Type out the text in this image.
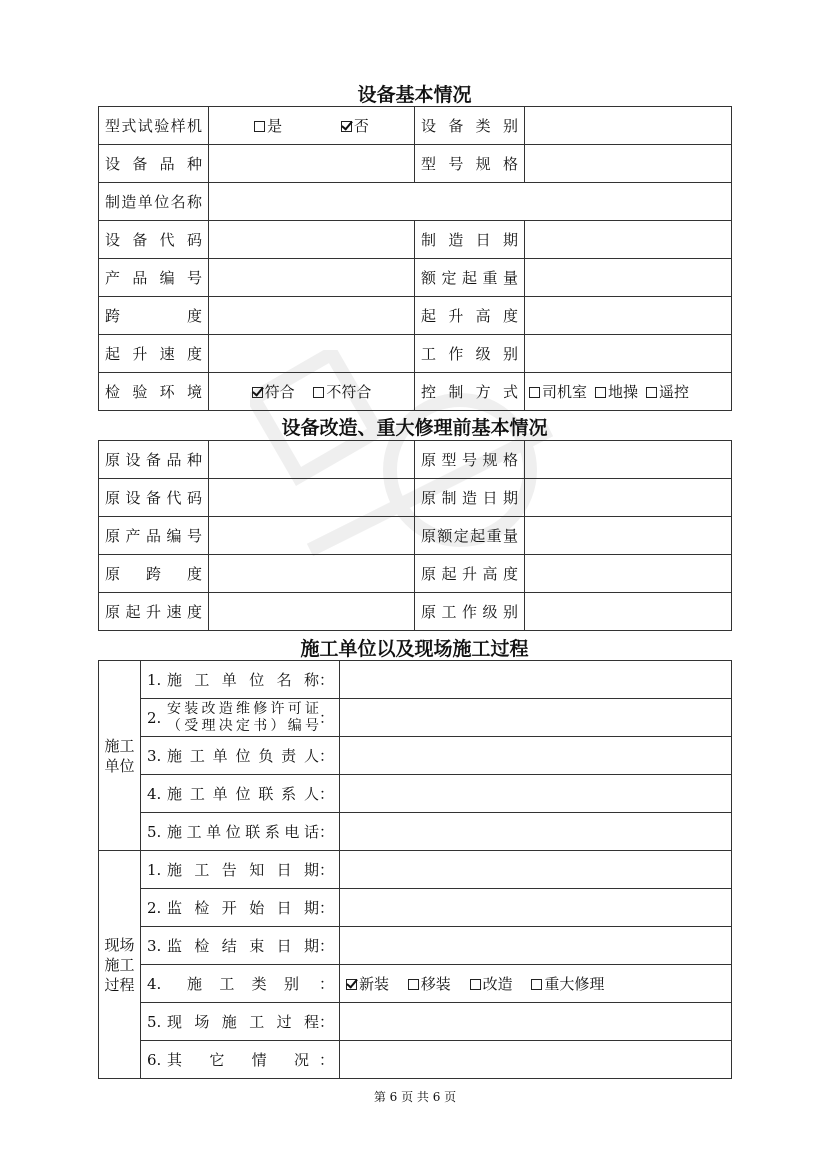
设备基本情况
型式试验样机	是 否	设 备 类 别	
设 备 品 种		型 号 规 格	
制造单位名称			
设 备 代 码		制 造 日 期	
产 品 编 号		额定起重量	
跨 度		起 升 高 度	
起 升 速 度		工 作 级 别	
检 验 环 境	符合 不符合	控 制 方 式	司机室 地操 遥控
设备改造、重大修理前基本情况
原设备品种		原型号规格	
原设备代码		原制造日期	
原产品编号		原额定起重量	
原 跨 度		原起升高度	
原起升速度		原工作级别	
施工单位以及现场施工过程
施工单位	1. 施工单位名称 ：	

	2. 安装改造维修许可证
（受理决定书）编号 ：	

	3. 施工单位负责人 ：	

	4. 施工单位联系人 ：	

	5. 施工单位联系电话 ：	

现场施工过程	1. 施工告知日期 ：	

	2. 监检开始日期 ：	

	3. 监检结束日期 ：	

	4. 施工类别 ：	新装 移装 改造 重大修理

	5. 现场施工过程 ：	

	6. 其它情况 ：	

第 6 页 共 6 页
